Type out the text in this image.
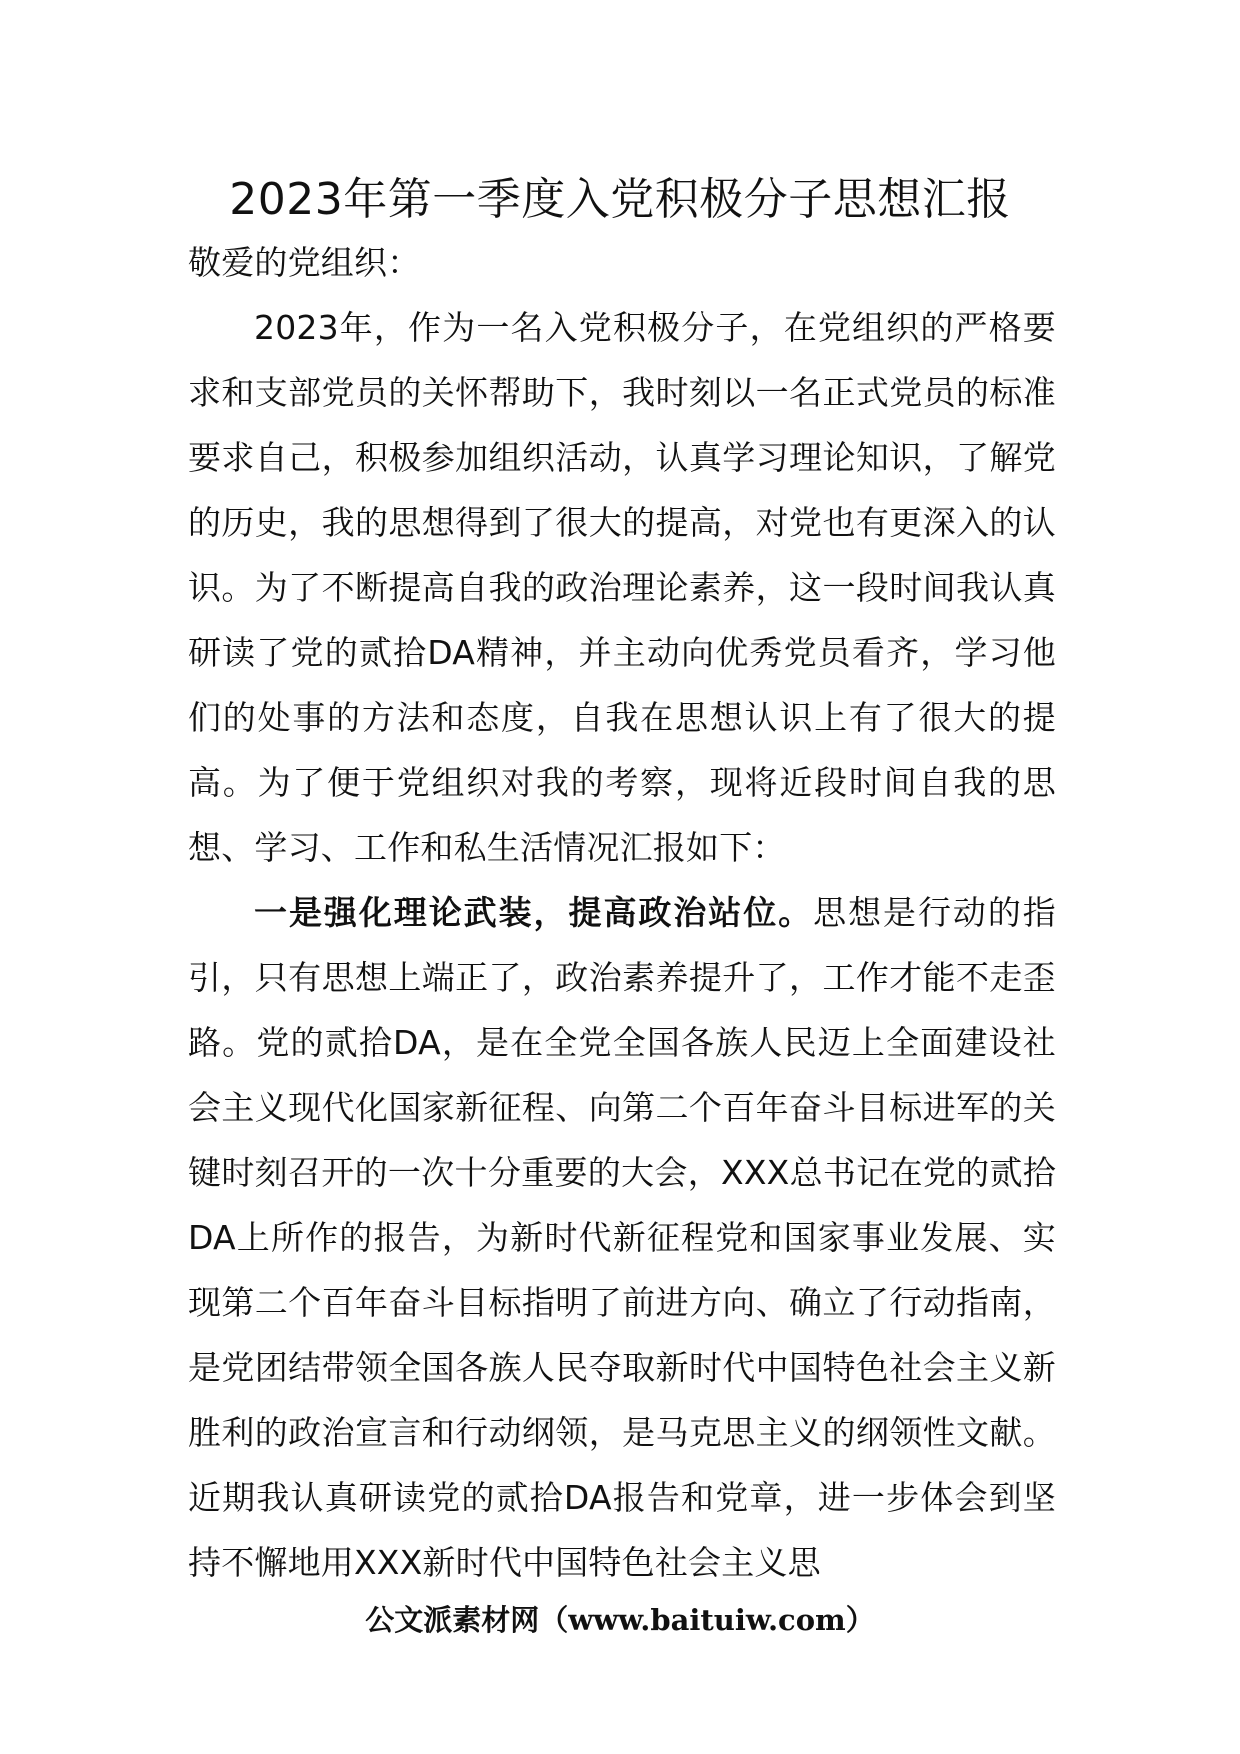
2023年第一季度入党积极分子思想汇报

敬爱的党组织：

2023年，作为一名入党积极分子，在党组织的严格要求和支部党员的关怀帮助下，我时刻以一名正式党员的标准要求自己，积极参加组织活动，认真学习理论知识，了解党的历史，我的思想得到了很大的提高，对党也有更深入的认识。为了不断提高自我的政治理论素养，这一段时间我认真研读了党的贰拾DA精神，并主动向优秀党员看齐，学习他们的处事的方法和态度，自我在思想认识上有了很大的提高。为了便于党组织对我的考察，现将近段时间自我的思想、学习、工作和私生活情况汇报如下：

一是强化理论武装，提高政治站位。思想是行动的指引，只有思想上端正了，政治素养提升了，工作才能不走歪路。党的贰拾DA，是在全党全国各族人民迈上全面建设社会主义现代化国家新征程、向第二个百年奋斗目标进军的关键时刻召开的一次十分重要的大会，XXX总书记在党的贰拾DA上所作的报告，为新时代新征程党和国家事业发展、实现第二个百年奋斗目标指明了前进方向、确立了行动指南，是党团结带领全国各族人民夺取新时代中国特色社会主义新胜利的政治宣言和行动纲领，是马克思主义的纲领性文献。近期我认真研读党的贰拾DA报告和党章，进一步体会到坚持不懈地用XXX新时代中国特色社会主义思

公文派素材网（www.baituiw.com）
